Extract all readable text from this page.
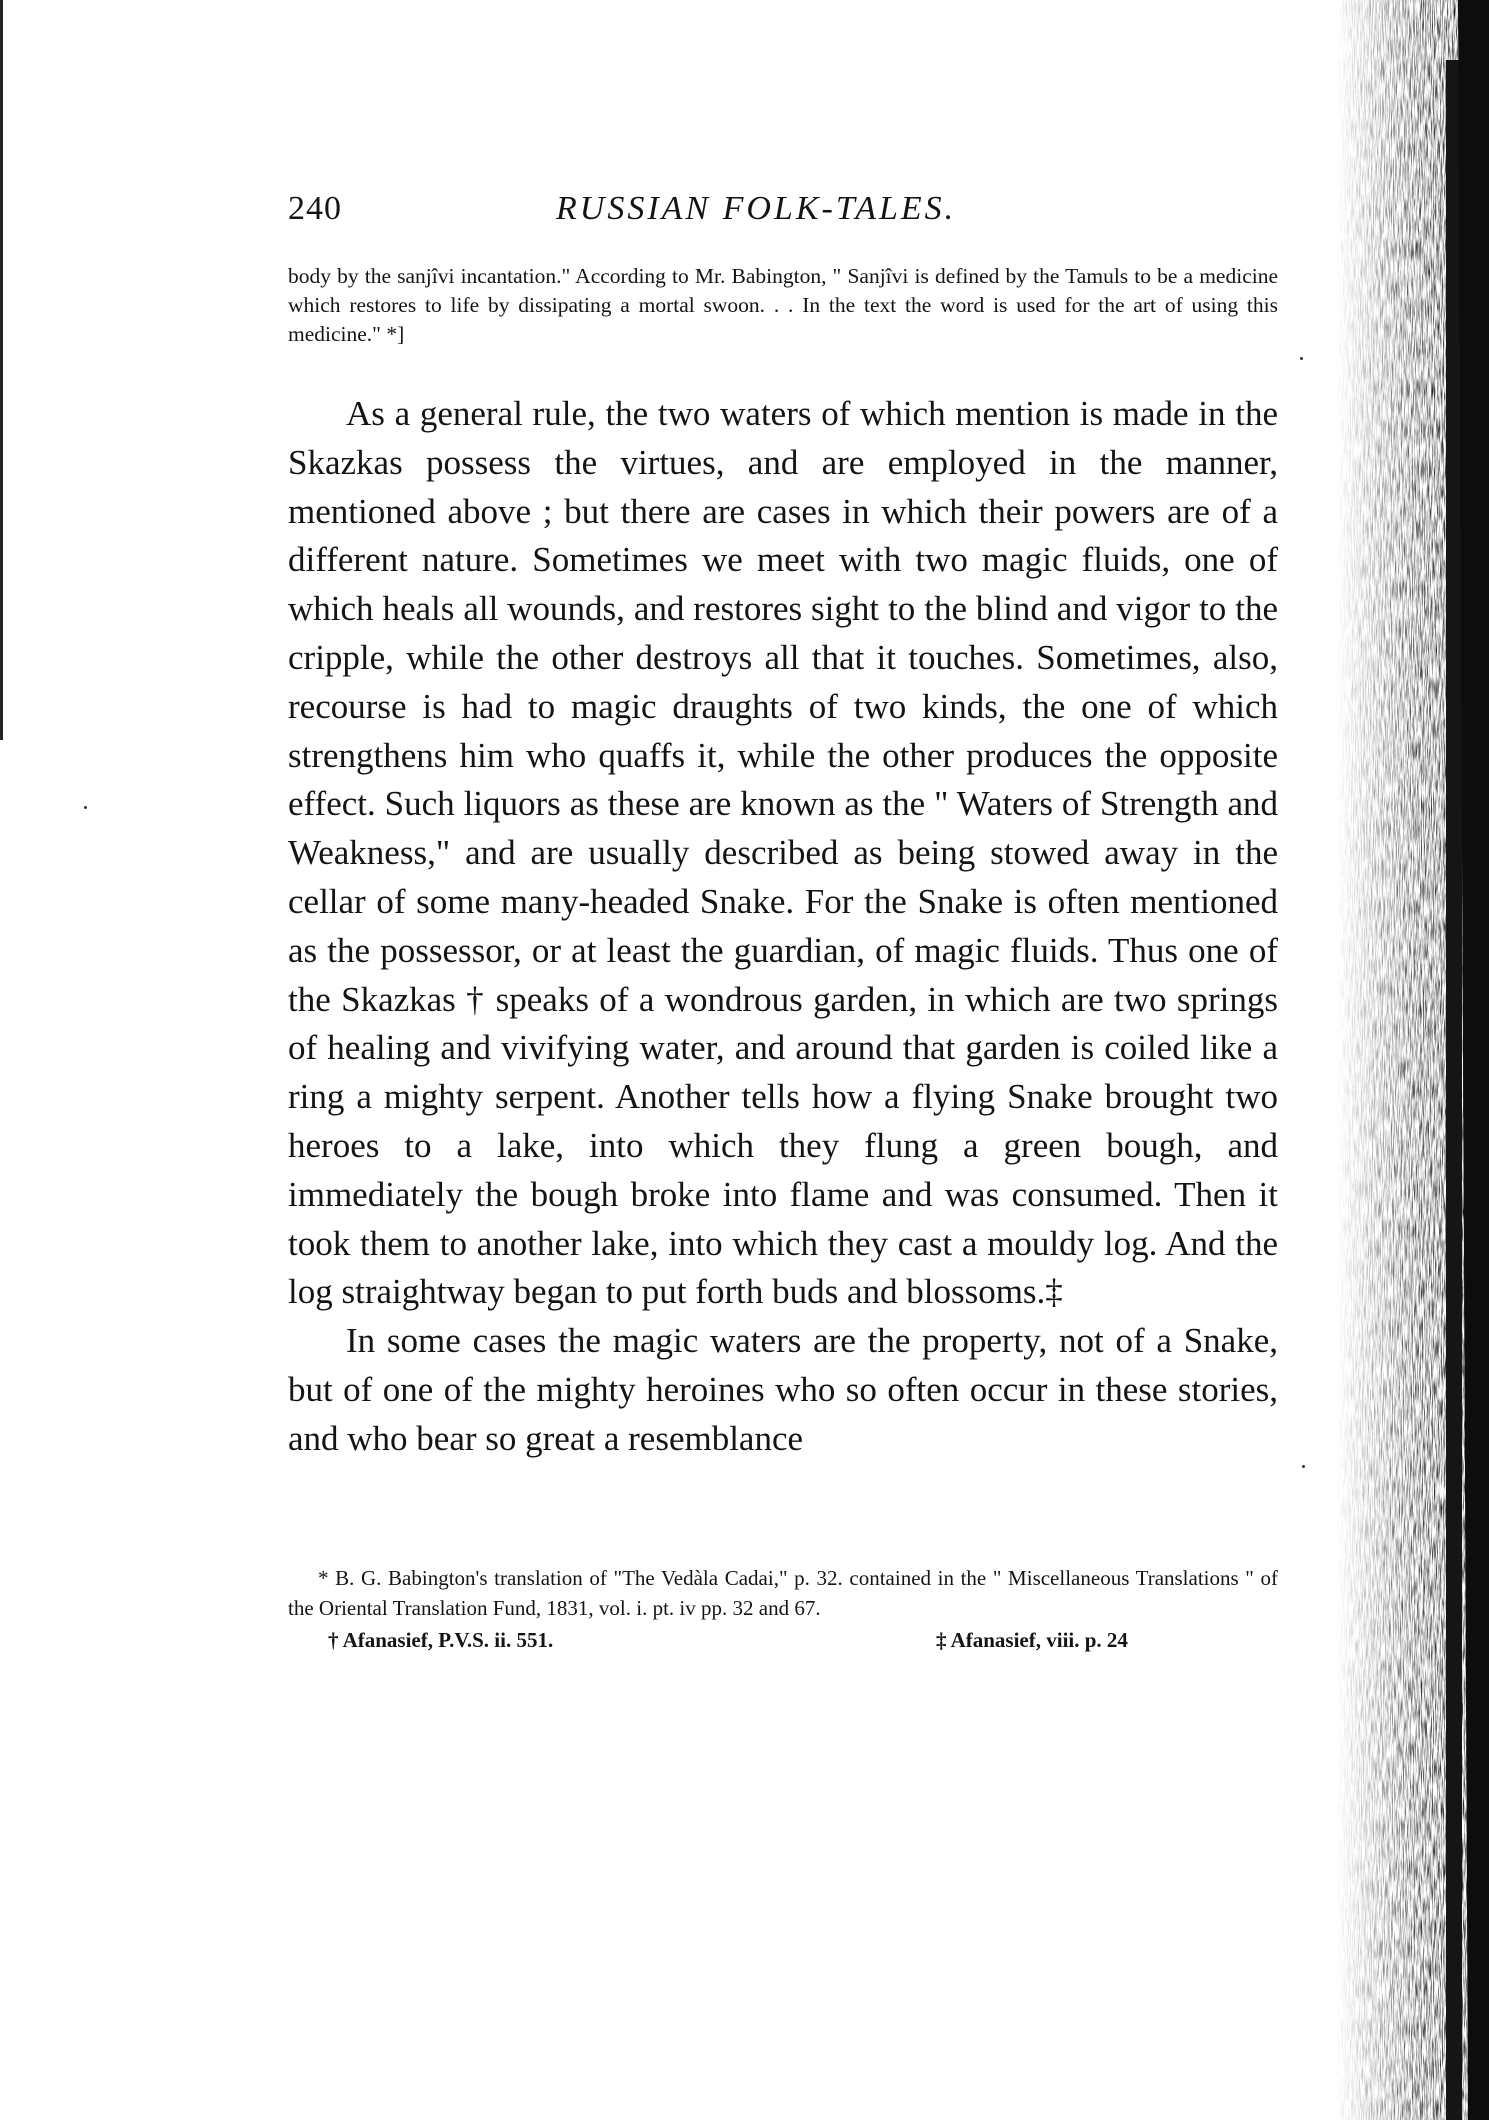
240	RUSSIAN FOLK-TALES.

body by the sanjîvi incantation." According to Mr. Babington, " Sanjîvi is defined by the Tamuls to be a medicine which restores to life by dissipating a mortal swoon. . . In the text the word is used for the art of using this medicine." *]

As a general rule, the two waters of which mention is made in the Skazkas possess the virtues, and are employed in the manner, mentioned above ; but there are cases in which their powers are of a different nature. Sometimes we meet with two magic fluids, one of which heals all wounds, and restores sight to the blind and vigor to the cripple, while the other destroys all that it touches. Sometimes, also, recourse is had to magic draughts of two kinds, the one of which strengthens him who quaffs it, while the other produces the opposite effect. Such liquors as these are known as the " Waters of Strength and Weakness," and are usually described as being stowed away in the cellar of some many-headed Snake. For the Snake is often mentioned as the possessor, or at least the guardian, of magic fluids. Thus one of the Skazkas † speaks of a wondrous garden, in which are two springs of healing and vivifying water, and around that garden is coiled like a ring a mighty serpent. Another tells how a flying Snake brought two heroes to a lake, into which they flung a green bough, and immediately the bough broke into flame and was consumed. Then it took them to another lake, into which they cast a mouldy log. And the log straightway began to put forth buds and blossoms.‡

In some cases the magic waters are the property, not of a Snake, but of one of the mighty heroines who so often occur in these stories, and who bear so great a resemblance

* B. G. Babington's translation of "The Vedàla Cadai," p. 32. contained in the " Miscellaneous Translations " of the Oriental Translation Fund, 1831, vol. i. pt. iv pp. 32 and 67.

† Afanasief, P.V.S. ii. 551.	‡ Afanasief, viii. p. 24
